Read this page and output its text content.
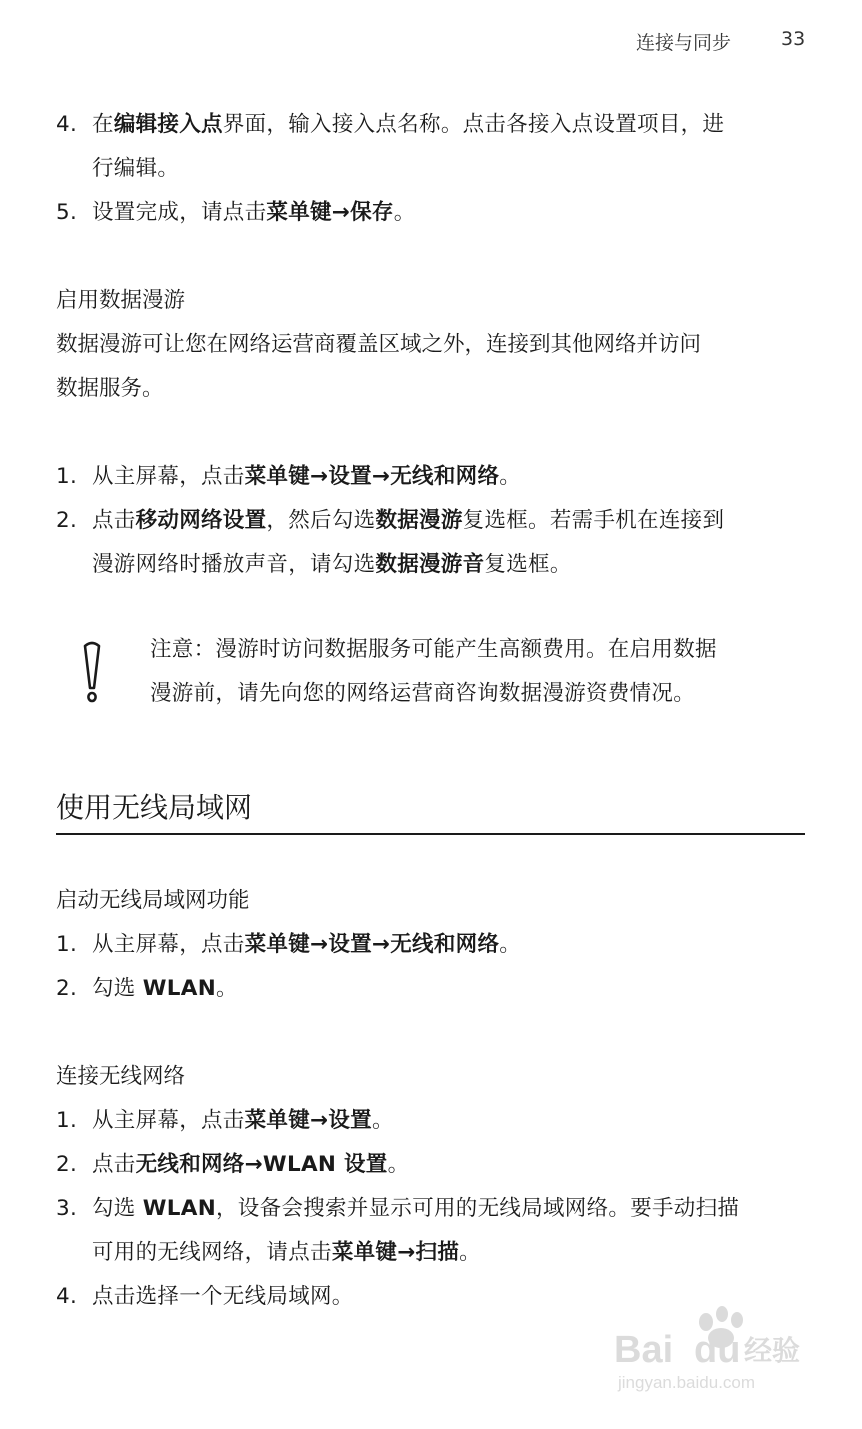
连接与同步	33
4. 在编辑接入点界面，输入接入点名称。点击各接入点设置项目，进
行编辑。
5. 设置完成，请点击菜单键→保存。
启用数据漫游
数据漫游可让您在网络运营商覆盖区域之外，连接到其他网络并访问
数据服务。
1. 从主屏幕，点击菜单键→设置→无线和网络。
2. 点击移动网络设置，然后勾选数据漫游复选框。若需手机在连接到
漫游网络时播放声音，请勾选数据漫游音复选框。
注意：漫游时访问数据服务可能产生高额费用。在启用数据
漫游前，请先向您的网络运营商咨询数据漫游资费情况。
使用无线局域网
启动无线局域网功能
1. 从主屏幕，点击菜单键→设置→无线和网络。
2. 勾选 WLAN。
连接无线网络
1. 从主屏幕，点击菜单键→设置。
2. 点击无线和网络→WLAN 设置。
3. 勾选 WLAN，设备会搜索并显示可用的无线局域网络。要手动扫描
可用的无线网络，请点击菜单键→扫描。
4. 点击选择一个无线局域网。
Bai du 经验
jingyan.baidu.com
